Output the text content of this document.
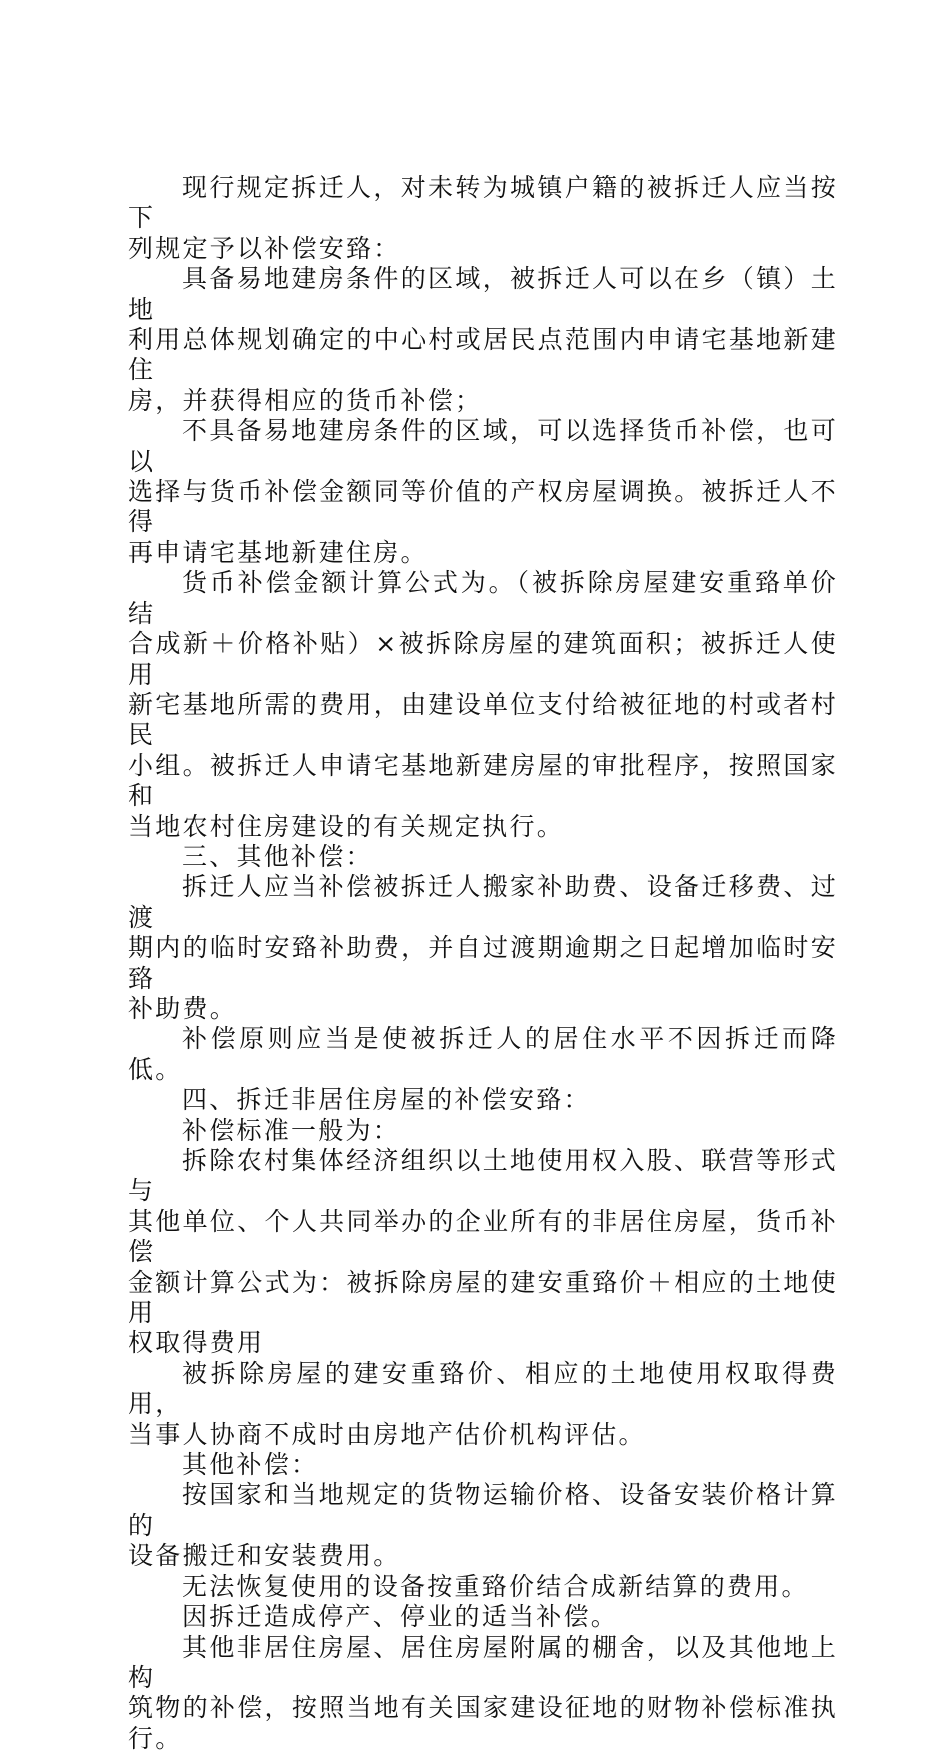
现行规定拆迁人，对未转为城镇户籍的被拆迁人应当按下
列规定予以补偿安臵：

具备易地建房条件的区域，被拆迁人可以在乡（镇）土地
利用总体规划确定的中心村或居民点范围内申请宅基地新建住
房，并获得相应的货币补偿；

不具备易地建房条件的区域，可以选择货币补偿，也可以
选择与货币补偿金额同等价值的产权房屋调换。被拆迁人不得
再申请宅基地新建住房。

货币补偿金额计算公式为。（被拆除房屋建安重臵单价结
合成新＋价格补贴）×被拆除房屋的建筑面积；被拆迁人使用
新宅基地所需的费用，由建设单位支付给被征地的村或者村民
小组。被拆迁人申请宅基地新建房屋的审批程序，按照国家和
当地农村住房建设的有关规定执行。

三、其他补偿：

拆迁人应当补偿被拆迁人搬家补助费、设备迁移费、过渡
期内的临时安臵补助费，并自过渡期逾期之日起增加临时安臵
补助费。

补偿原则应当是使被拆迁人的居住水平不因拆迁而降低。

四、拆迁非居住房屋的补偿安臵：

补偿标准一般为：

拆除农村集体经济组织以土地使用权入股、联营等形式与
其他单位、个人共同举办的企业所有的非居住房屋，货币补偿
金额计算公式为：被拆除房屋的建安重臵价＋相应的土地使用
权取得费用

被拆除房屋的建安重臵价、相应的土地使用权取得费用，
当事人协商不成时由房地产估价机构评估。

其他补偿：

按国家和当地规定的货物运输价格、设备安装价格计算的
设备搬迁和安装费用。

无法恢复使用的设备按重臵价结合成新结算的费用。

因拆迁造成停产、停业的适当补偿。

其他非居住房屋、居住房屋附属的棚舍，以及其他地上构
筑物的补偿，按照当地有关国家建设征地的财物补偿标准执行。
